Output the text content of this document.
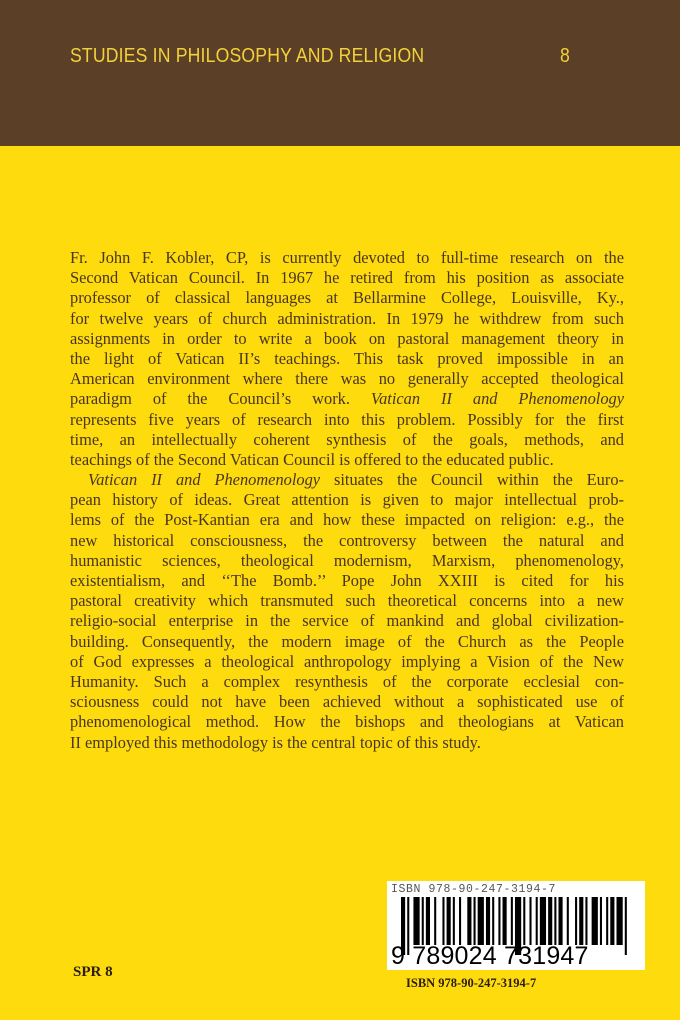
STUDIES IN PHILOSOPHY AND RELIGION	8
Fr. John F. Kobler, CP, is currently devoted to full-time research on the
Second Vatican Council. In 1967 he retired from his position as associate
professor of classical languages at Bellarmine College, Louisville, Ky.,
for twelve years of church administration. In 1979 he withdrew from such
assignments in order to write a book on pastoral management theory in
the light of Vatican II’s teachings. This task proved impossible in an
American environment where there was no generally accepted theological
paradigm of the Council’s work. Vatican II and Phenomenology
represents five years of research into this problem. Possibly for the first
time, an intellectually coherent synthesis of the goals, methods, and
teachings of the Second Vatican Council is offered to the educated public.
Vatican II and Phenomenology situates the Council within the Euro-
pean history of ideas. Great attention is given to major intellectual prob-
lems of the Post-Kantian era and how these impacted on religion: e.g., the
new historical consciousness, the controversy between the natural and
humanistic sciences, theological modernism, Marxism, phenomenology,
existentialism, and ‘‘The Bomb.’’ Pope John XXIII is cited for his
pastoral creativity which transmuted such theoretical concerns into a new
religio-social enterprise in the service of mankind and global civilization-
building. Consequently, the modern image of the Church as the People
of God expresses a theological anthropology implying a Vision of the New
Humanity. Such a complex resynthesis of the corporate ecclesial con-
sciousness could not have been achieved without a sophisticated use of
phenomenological method. How the bishops and theologians at Vatican
II employed this methodology is the central topic of this study.
SPR 8
ISBN 978-90-247-3194-7
9 789024 731947
ISBN 978-90-247-3194-7
